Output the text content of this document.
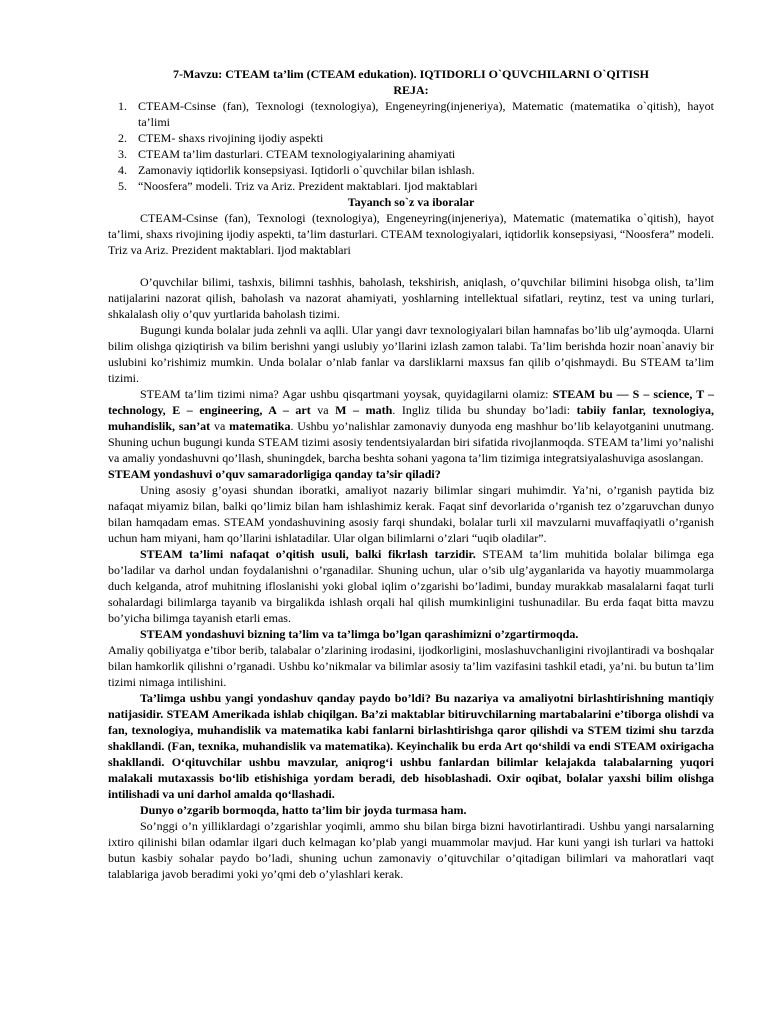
7-Mavzu: CTEAM ta’lim (CTEAM edukation). IQTIDORLI O`QUVCHILARNI O`QITISH
REJA:
1. CTEAM-Csinse (fan), Texnologi (texnologiya), Engeneyring(injeneriya), Matematic (matematika o`qitish), hayot ta’limi
2. CTEM- shaxs rivojining ijodiy aspekti
3. CTEAM ta’lim dasturlari. CTEAM texnologiyalarining ahamiyati
4. Zamonaviy iqtidorlik konsepsiyasi. Iqtidorli o`quvchilar bilan ishlash.
5. “Noosfera” modeli. Triz va Ariz. Prezident maktablari. Ijod maktablari
Tayanch so`z va iboralar

CTEAM-Csinse (fan), Texnologi (texnologiya), Engeneyring(injeneriya), Matematic (matematika o`qitish), hayot ta’limi, shaxs rivojining ijodiy aspekti, ta’lim dasturlari. CTEAM texnologiyalari, iqtidorlik konsepsiyasi, “Noosfera” modeli. Triz va Ariz. Prezident maktablari. Ijod maktablari

O’quvchilar bilimi, tashxis, bilimni tashhis, baholash, tekshirish, aniqlash, o’quvchilar bilimini hisobga olish, ta’lim natijalarini nazorat qilish, baholash va nazorat ahamiyati, yoshlarning intellektual sifatlari, reytinz, test va uning turlari, shkalalash oliy o’quv yurtlarida baholash tizimi.

Bugungi kunda bolalar juda zehnli va aqlli. Ular yangi davr texnologiyalari bilan hamnafas bo’lib ulg’aymoqda. Ularni bilim olishga qiziqtirish va bilim berishni yangi uslubiy yo’llarini izlash zamon talabi. Ta’lim berishda hozir noan`anaviy bir uslubini ko’rishimiz mumkin. Unda bolalar o’nlab fanlar va darsliklarni maxsus fan qilib o’qishmaydi. Bu STEAM ta’lim tizimi.

STEAM ta’lim tizimi nima? Agar ushbu qisqartmani yoysak, quyidagilarni olamiz: STEAM bu — S – science, T – technology, E – engineering, A – art va M – math. Ingliz tilida bu shunday bo’ladi: tabiiy fanlar, texnologiya, muhandislik, san’at va matematika. Ushbu yo’nalishlar zamonaviy dunyoda eng mashhur bo’lib kelayotganini unutmang. Shuning uchun bugungi kunda STEAM tizimi asosiy tendentsiyalardan biri sifatida rivojlanmoqda. STEAM ta’limi yo’nalishi va amaliy yondashuvni qo’llash, shuningdek, barcha beshta sohani yagona ta’lim tizimiga integratsiyalashuviga asoslangan.

STEAM yondashuvi o’quv samaradorligiga qanday ta’sir qiladi?

Uning asosiy g’oyasi shundan iboratki, amaliyot nazariy bilimlar singari muhimdir. Ya’ni, o’rganish paytida biz nafaqat miyamiz bilan, balki qo’limiz bilan ham ishlashimiz kerak. Faqat sinf devorlarida o’rganish tez o’zgaruvchan dunyo bilan hamqadam emas. STEAM yondashuvining asosiy farqi shundaki, bolalar turli xil mavzularni muvaffaqiyatli o’rganish uchun ham miyani, ham qo’llarini ishlatadilar. Ular olgan bilimlarni o’zlari “uqib oladilar”.

STEAM ta’limi nafaqat o’qitish usuli, balki fikrlash tarzidir. STEAM ta’lim muhitida bolalar bilimga ega bo’ladilar va darhol undan foydalanishni o’rganadilar. Shuning uchun, ular o’sib ulg’ayganlarida va hayotiy muammolarga duch kelganda, atrof muhitning ifloslanishi yoki global iqlim o’zgarishi bo’ladimi, bunday murakkab masalalarni faqat turli sohalardagi bilimlarga tayanib va birgalikda ishlash orqali hal qilish mumkinligini tushunadilar. Bu erda faqat bitta mavzu bo’yicha bilimga tayanish etarli emas.

STEAM yondashuvi bizning ta’lim va ta’limga bo’lgan qarashimizni o’zgartirmoqda.

Amaliy qobiliyatga e’tibor berib, talabalar o’zlarining irodasini, ijodkorligini, moslashuvchanligini rivojlantiradi va boshqalar bilan hamkorlik qilishni o’rganadi. Ushbu ko’nikmalar va bilimlar asosiy ta’lim vazifasini tashkil etadi, ya’ni. bu butun ta’lim tizimi nimaga intilishini.

Ta’limga ushbu yangi yondashuv qanday paydo bo’ldi? Bu nazariya va amaliyotni birlashtirishning mantiqiy natijasidir. STEAM Amerikada ishlab chiqilgan. Ba’zi maktablar bitiruvchilarning martabalarini e’tiborga olishdi va fan, texnologiya, muhandislik va matematika kabi fanlarni birlashtirishga qaror qilishdi va STEM tizimi shu tarzda shakllandi. (Fan, texnika, muhandislik va matematika). Keyinchalik bu erda Art qo‘shildi va endi STEAM oxirigacha shakllandi. O‘qituvchilar ushbu mavzular, aniqrog‘i ushbu fanlardan bilimlar kelajakda talabalarning yuqori malakali mutaxassis bo‘lib etishishiga yordam beradi, deb hisoblashadi. Oxir oqibat, bolalar yaxshi bilim olishga intilishadi va uni darhol amalda qo‘llashadi.

Dunyo o’zgarib bormoqda, hatto ta’lim bir joyda turmasa ham.

So’nggi o’n yilliklardagi o’zgarishlar yoqimli, ammo shu bilan birga bizni havotirlantiradi. Ushbu yangi narsalarning ixtiro qilinishi bilan odamlar ilgari duch kelmagan ko’plab yangi muammolar mavjud. Har kuni yangi ish turlari va hattoki butun kasbiy sohalar paydo bo’ladi, shuning uchun zamonaviy o’qituvchilar o’qitadigan bilimlari va mahoratlari vaqt talablariga javob beradimi yoki yo’qmi deb o’ylashlari kerak.
